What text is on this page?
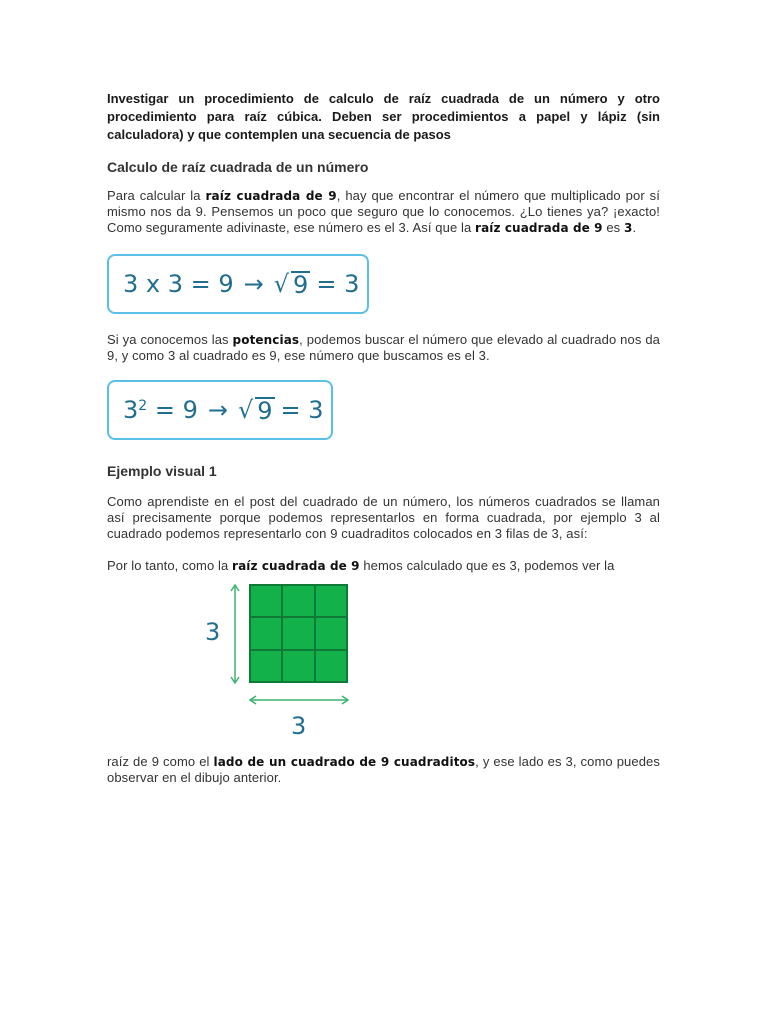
Investigar un procedimiento de calculo de raíz cuadrada de un número y otro procedimiento para raíz cúbica. Deben ser procedimientos a papel y lápiz (sin calculadora) y que contemplen una secuencia de pasos

Calculo de raíz cuadrada de un número

Para calcular la raíz cuadrada de 9, hay que encontrar el número que multiplicado por sí mismo nos da 9. Pensemos un poco que seguro que lo conocemos. ¿Lo tienes ya? ¡exacto! Como seguramente adivinaste, ese número es el 3. Así que la raíz cuadrada de 9 es 3.

3 x 3 = 9 → √ 9 = 3

Si ya conocemos las potencias, podemos buscar el número que elevado al cuadrado nos da 9, y como 3 al cuadrado es 9, ese número que buscamos es el 3.

$3^2 = 9$ → √ 9 = 3
Ejemplo visual 1

Como aprendiste en el post del cuadrado de un número, los números cuadrados se llaman así precisamente porque podemos representarlos en forma cuadrada, por ejemplo 3 al cuadrado podemos representarlo con 9 cuadraditos colocados en 3 filas de 3, así:

Por lo tanto, como la raíz cuadrada de 9 hemos calculado que es 3, podemos ver la

3
3

raíz de 9 como el lado de un cuadrado de 9 cuadraditos, y ese lado es 3, como puedes observar en el dibujo anterior.
